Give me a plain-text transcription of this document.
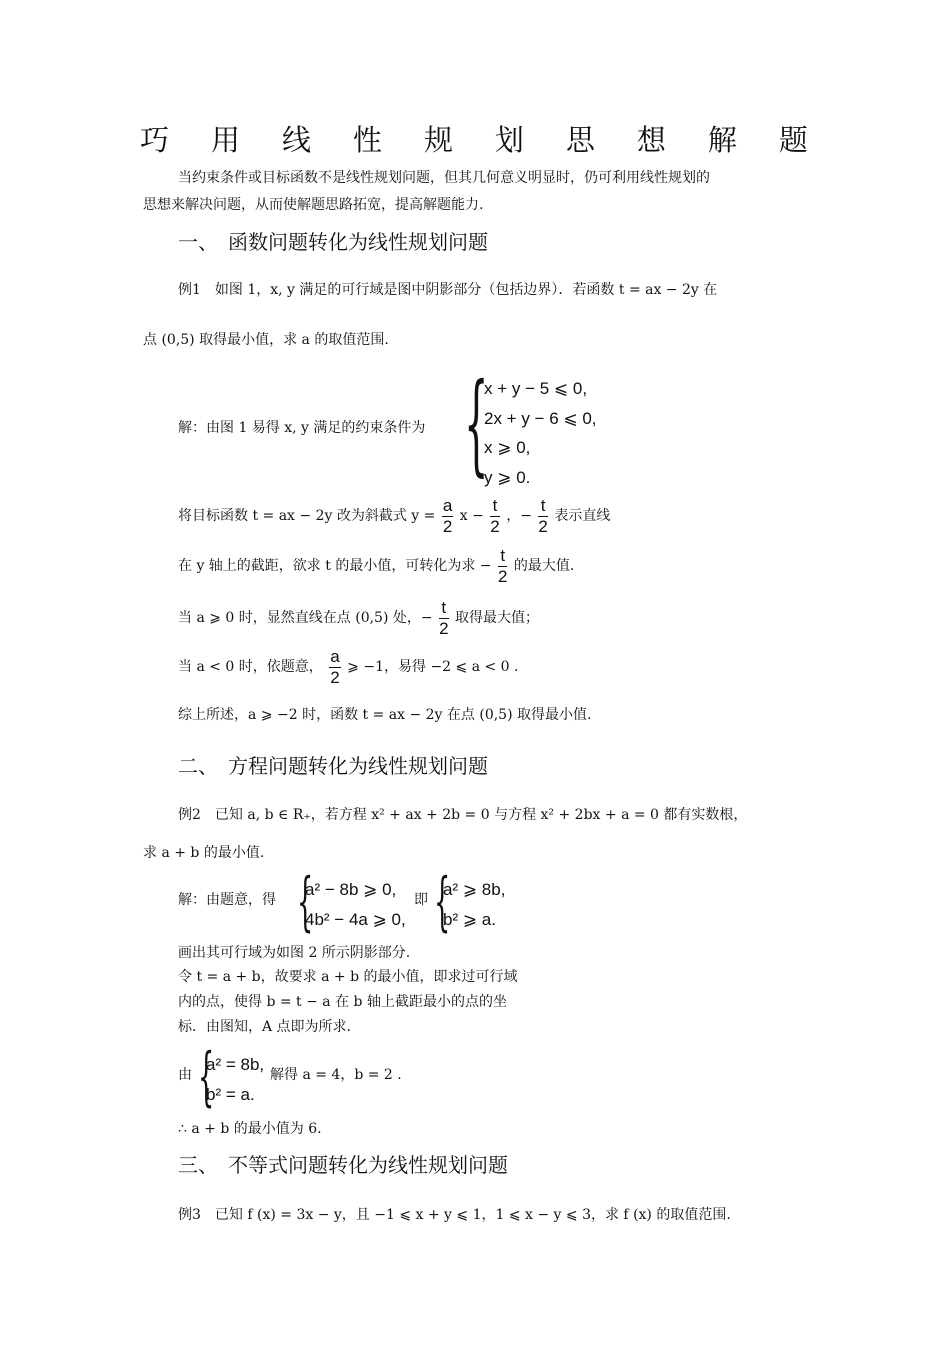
巧 用 线 性 规 划 思 想 解 题
当约束条件或目标函数不是线性规划问题，但其几何意义明显时，仍可利用线性规划的
思想来解决问题，从而使解题思路拓宽，提高解题能力.
一、　函数问题转化为线性规划问题
例1　如图 1，x, y 满足的可行域是图中阴影部分（包括边界）．若函数 t = ax − 2y 在
点 (0,5) 取得最小值，求 a 的取值范围.
解：由图 1 易得 x, y 满足的约束条件为 {
x + y − 5 ⩽ 0,
2x + y − 6 ⩽ 0,
x ⩾ 0,
y ⩾ 0.
将目标函数 t = ax − 2y 改为斜截式 $y = \frac{a}{2}$ $x - \frac{t}{2}$ ，− $\frac{t}{2}$ 表示直线
在 y 轴上的截距，欲求 t 的最小值，可转化为求 − $\frac{t}{2}$ 的最大值.
当 a ⩾ 0 时，显然直线在点 (0,5) 处，− $\frac{t}{2}$ 取得最大值；
当 a < 0 时，依题意， $\frac{a}{2}$ ⩾ −1，易得 −2 ⩽ a < 0 .
综上所述，a ⩾ −2 时，函数 t = ax − 2y 在点 (0,5) 取得最小值.
二、　方程问题转化为线性规划问题
例2　已知 a, b ∈ R₊，若方程 x² + ax + 2b = 0 与方程 x² + 2bx + a = 0 都有实数根，
求 a + b 的最小值.
解：由题意，得 {
a² − 8b ⩾ 0,
4b² − 4a ⩾ 0,
即 {
a² ⩾ 8b,
b² ⩾ a.
画出其可行域为如图 2 所示阴影部分.
令 t = a + b，故要求 a + b 的最小值，即求过可行域
内的点，使得 b = t − a 在 b 轴上截距最小的点的坐
标．由图知，A 点即为所求.
由 {
a² = 8b,
b² = a.
解得 a = 4，b = 2 .
∴ a + b 的最小值为 6.
三、　不等式问题转化为线性规划问题
例3　已知 f (x) = 3x − y，且 −1 ⩽ x + y ⩽ 1，1 ⩽ x − y ⩽ 3，求 f (x) 的取值范围.
